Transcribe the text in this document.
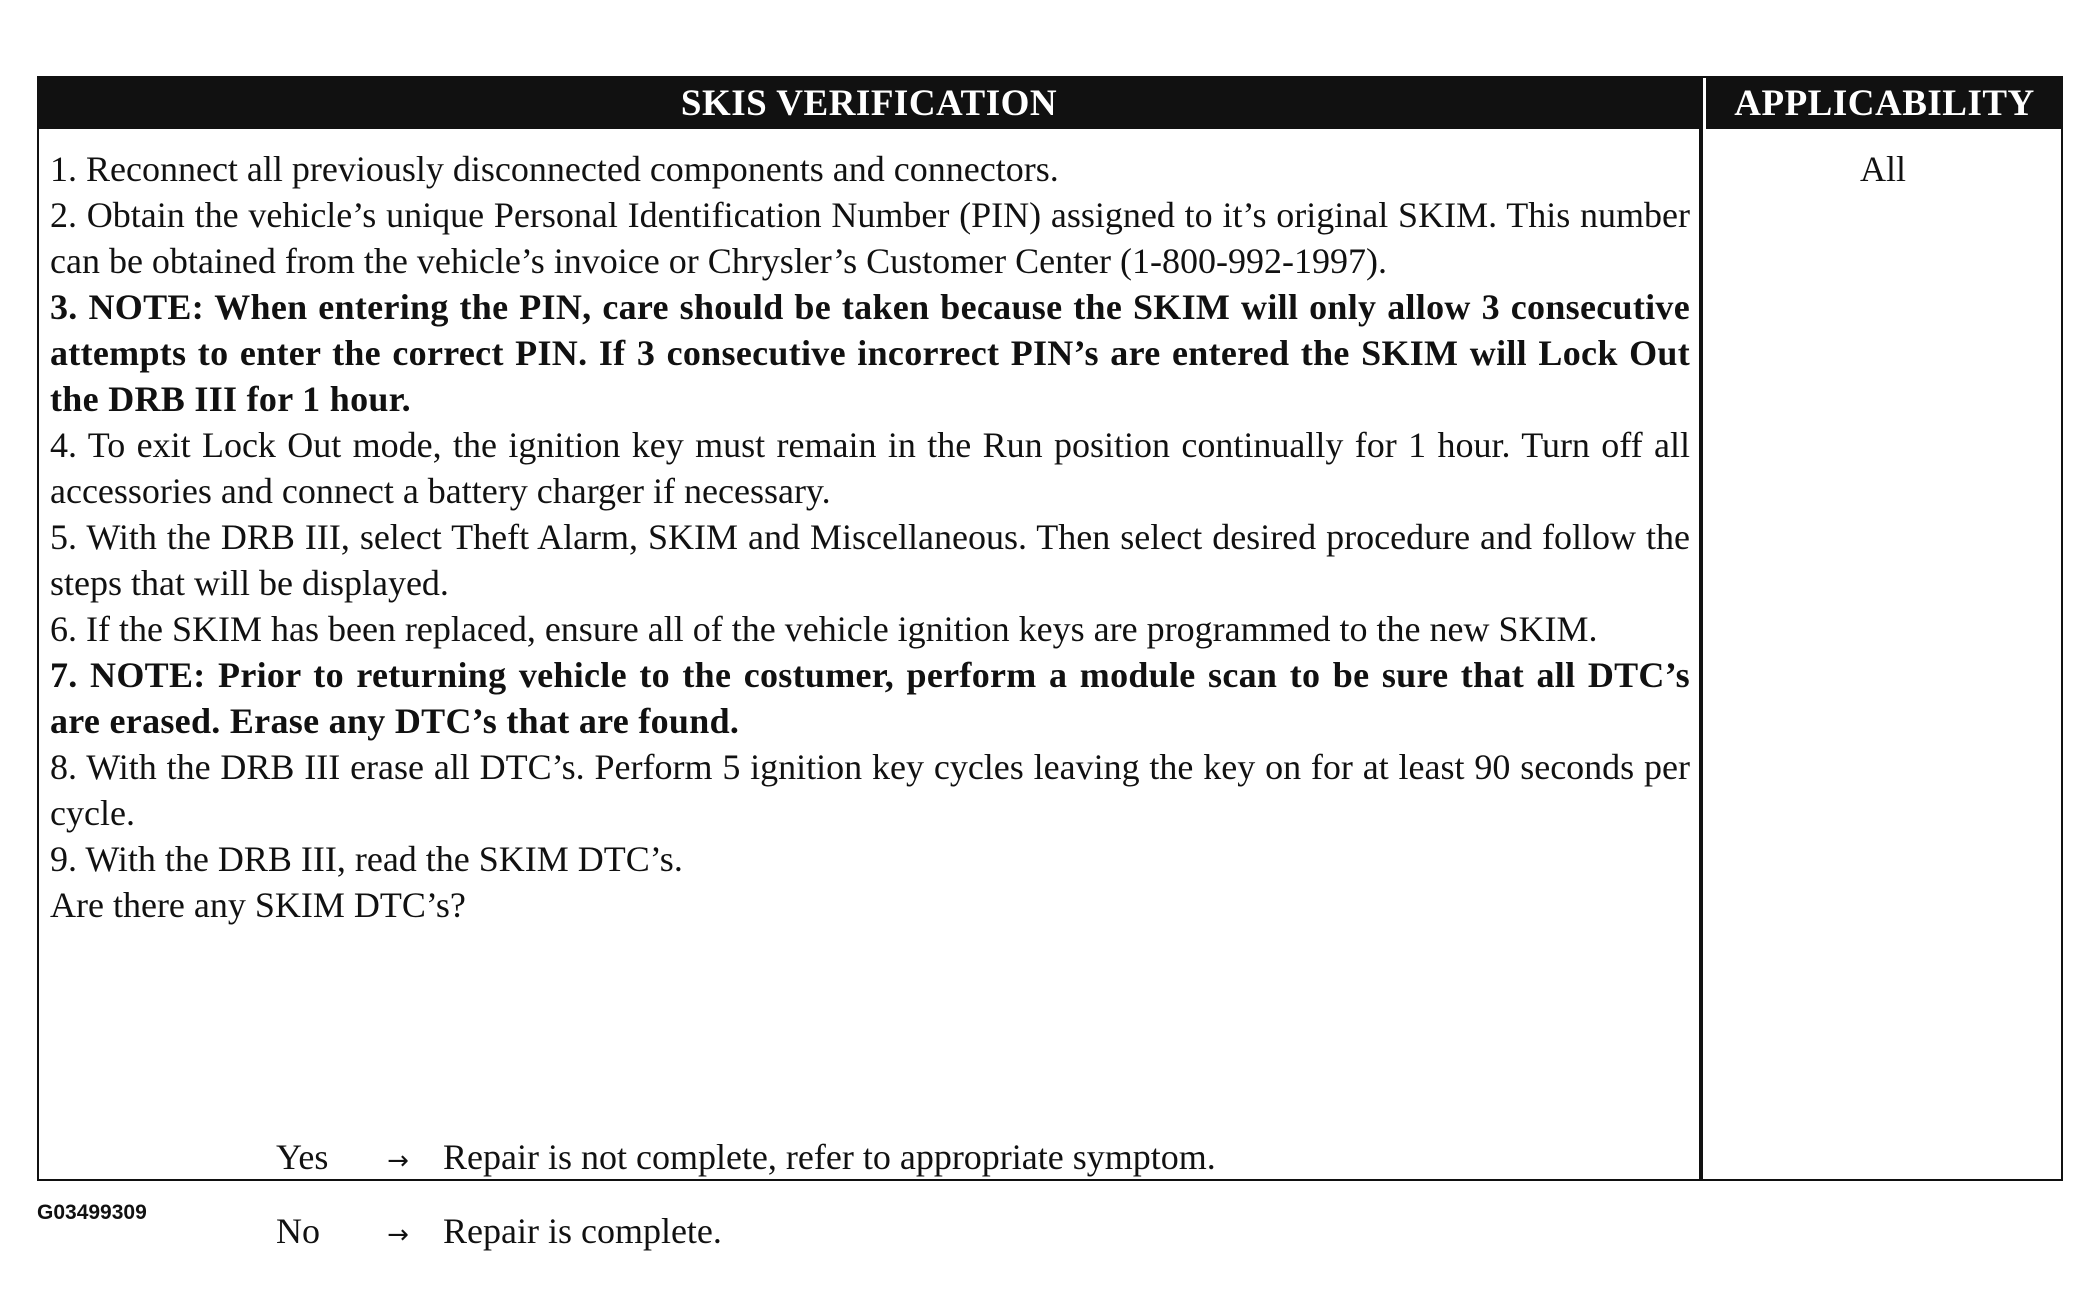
SKIS VERIFICATION	APPLICABILITY

1. Reconnect all previously disconnected components and connectors.

2. Obtain the vehicle’s unique Personal Identification Number (PIN) assigned to it’s original SKIM. This number can be obtained from the vehicle’s invoice or Chrysler’s Customer Center (1-800-992-1997).

3. NOTE: When entering the PIN, care should be taken because the SKIM will only allow 3 consecutive attempts to enter the correct PIN. If 3 consecutive incorrect PIN’s are entered the SKIM will Lock Out the DRB III for 1 hour.

4. To exit Lock Out mode, the ignition key must remain in the Run position continually for 1 hour. Turn off all accessories and connect a battery charger if necessary.

5. With the DRB III, select Theft Alarm, SKIM and Miscellaneous. Then select desired procedure and follow the steps that will be displayed.

6. If the SKIM has been replaced, ensure all of the vehicle ignition keys are programmed to the new SKIM.

7. NOTE: Prior to returning vehicle to the costumer, perform a module scan to be sure that all DTC’s are erased. Erase any DTC’s that are found.

8. With the DRB III erase all DTC’s. Perform 5 ignition key cycles leaving the key on for at least 90 seconds per cycle.

9. With the DRB III, read the SKIM DTC’s.

Are there any SKIM DTC’s?

Yes → Repair is not complete, refer to appropriate symptom.
No	→ Repair is complete.
All
G03499309
